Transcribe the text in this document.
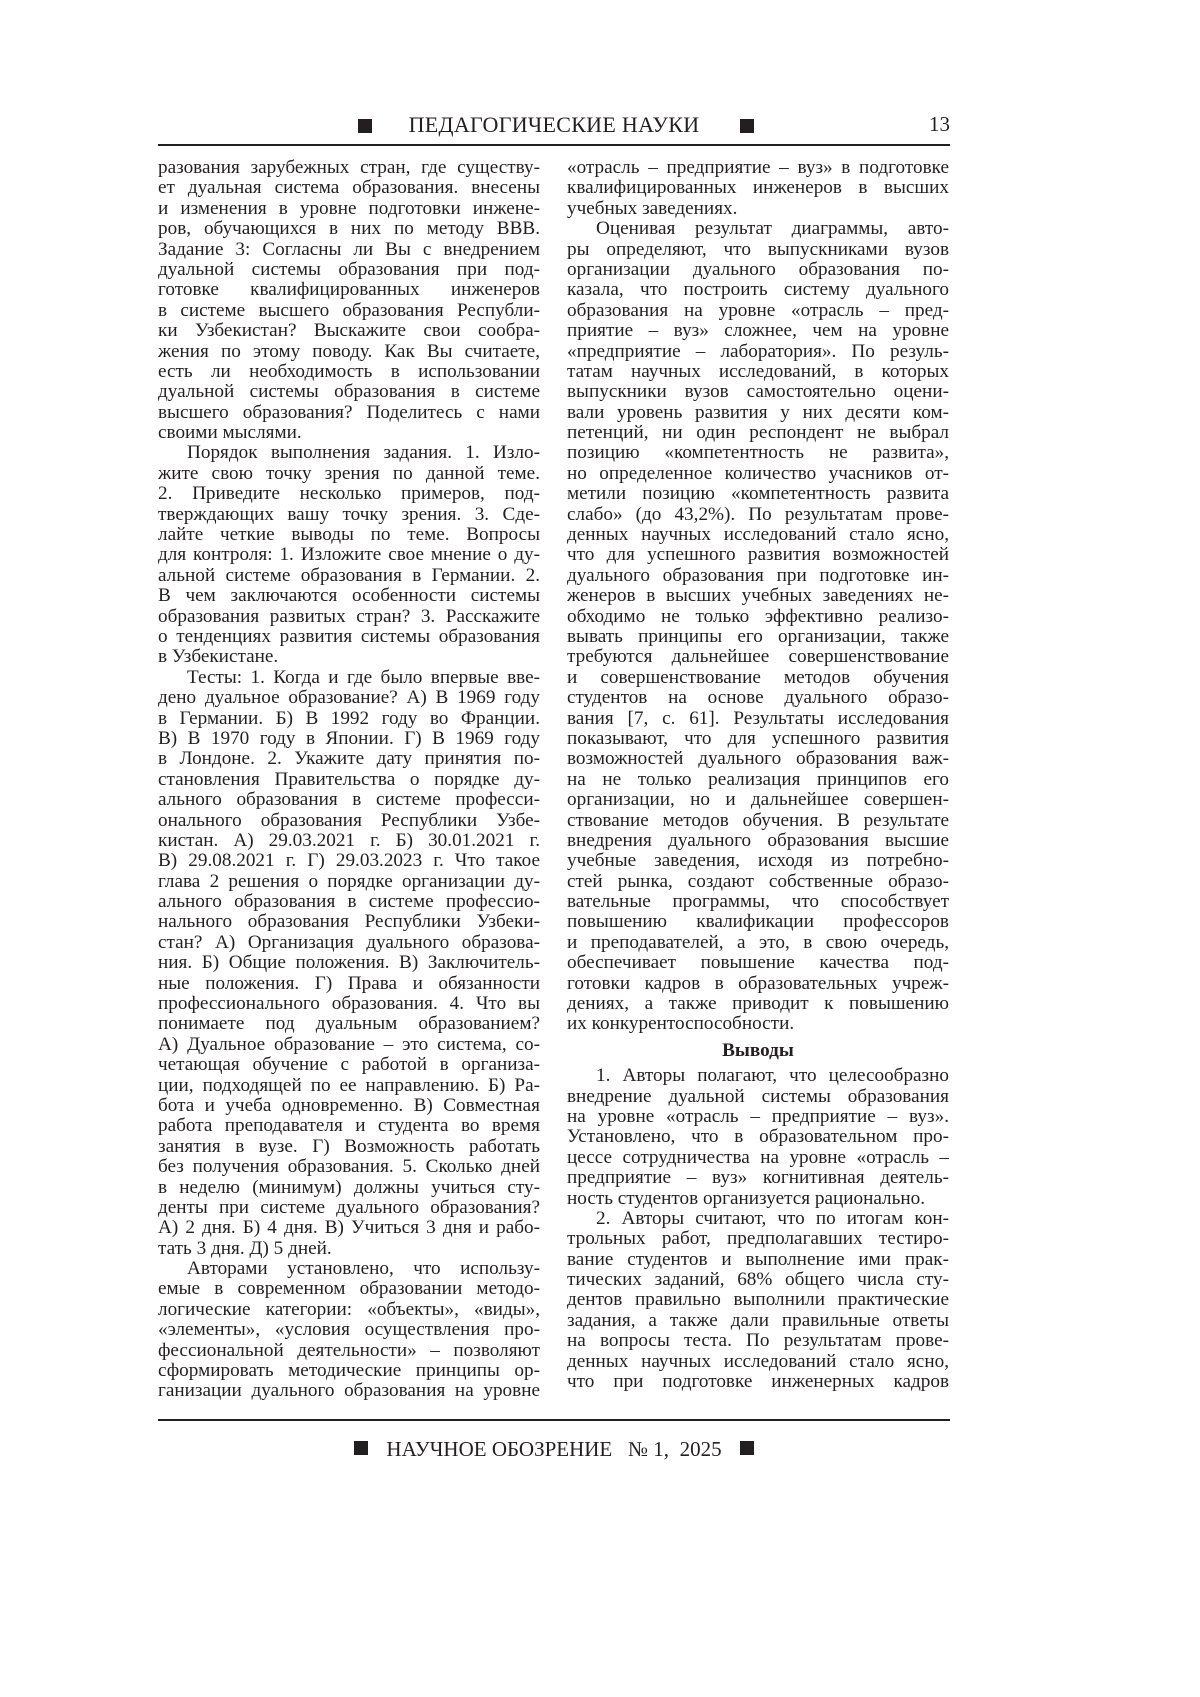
ПЕДАГОГИЧЕСКИЕ НАУКИ	13
разования зарубежных стран, где существу-
ет дуальная система образования. внесены
и изменения в уровне подготовки инжене-
ров, обучающихся в них по методу ВВВ.
Задание 3: Согласны ли Вы с внедрением
дуальной системы образования при под-
готовке квалифицированных инженеров
в системе высшего образования Республи-
ки Узбекистан? Выскажите свои сообра-
жения по этому поводу. Как Вы считаете,
есть ли необходимость в использовании
дуальной системы образования в системе
высшего образования? Поделитесь с нами
своими мыслями.
Порядок выполнения задания. 1. Изло-
жите свою точку зрения по данной теме.
2. Приведите несколько примеров, под-
тверждающих вашу точку зрения. 3. Сде-
лайте четкие выводы по теме. Вопросы
для контроля: 1. Изложите свое мнение о ду-
альной системе образования в Германии. 2.
В чем заключаются особенности системы
образования развитых стран? 3. Расскажите
о тенденциях развития системы образования
в Узбекистане.
Тесты: 1. Когда и где было впервые вве-
дено дуальное образование? А) В 1969 году
в Германии. Б) В 1992 году во Франции.
В) В 1970 году в Японии. Г) В 1969 году
в Лондоне. 2. Укажите дату принятия по-
становления Правительства о порядке ду-
ального образования в системе професси-
онального образования Республики Узбе-
кистан. А) 29.03.2021 г. Б) 30.01.2021 г.
В) 29.08.2021 г. Г) 29.03.2023 г. Что такое
глава 2 решения о порядке организации ду-
ального образования в системе профессио-
нального образования Республики Узбеки-
стан? А) Организация дуального образова-
ния. Б) Общие положения. В) Заключитель-
ные положения. Г) Права и обязанности
профессионального образования. 4. Что вы
понимаете под дуальным образованием?
А) Дуальное образование – это система, со-
четающая обучение с работой в организа-
ции, подходящей по ее направлению. Б) Ра-
бота и учеба одновременно. В) Совместная
работа преподавателя и студента во время
занятия в вузе. Г) Возможность работать
без получения образования. 5. Сколько дней
в неделю (минимум) должны учиться сту-
денты при системе дуального образования?
А) 2 дня. Б) 4 дня. В) Учиться 3 дня и рабо-
тать 3 дня. Д) 5 дней.
Авторами установлено, что использу-
емые в современном образовании методо-
логические категории: «объекты», «виды»,
«элементы», «условия осуществления про-
фессиональной деятельности» – позволяют
сформировать методические принципы ор-
ганизации дуального образования на уровне
«отрасль – предприятие – вуз» в подготовке
квалифицированных инженеров в высших
учебных заведениях.
Оценивая результат диаграммы, авто-
ры определяют, что выпускниками вузов
организации дуального образования по-
казала, что построить систему дуального
образования на уровне «отрасль – пред-
приятие – вуз» сложнее, чем на уровне
«предприятие – лаборатория». По резуль-
татам научных исследований, в которых
выпускники вузов самостоятельно оцени-
вали уровень развития у них десяти ком-
петенций, ни один респондент не выбрал
позицию «компетентность не развита»,
но определенное количество учасников от-
метили позицию «компетентность развита
слабо» (до 43,2%). По результатам прове-
денных научных исследований стало ясно,
что для успешного развития возможностей
дуального образования при подготовке ин-
женеров в высших учебных заведениях не-
обходимо не только эффективно реализо-
вывать принципы его организации, также
требуются дальнейшее совершенствование
и совершенствование методов обучения
студентов на основе дуального образо-
вания [7, с. 61]. Результаты исследования
показывают, что для успешного развития
возможностей дуального образования важ-
на не только реализация принципов его
организации, но и дальнейшее совершен-
ствование методов обучения. В результате
внедрения дуального образования высшие
учебные заведения, исходя из потребно-
стей рынка, создают собственные образо-
вательные программы, что способствует
повышению квалификации профессоров
и преподавателей, а это, в свою очередь,
обеспечивает повышение качества под-
готовки кадров в образовательных учреж-
дениях, а также приводит к повышению
их конкурентоспособности.
Выводы
1. Авторы полагают, что целесообразно
внедрение дуальной системы образования
на уровне «отрасль – предприятие – вуз».
Установлено, что в образовательном про-
цессе сотрудничества на уровне «отрасль –
предприятие – вуз» когнитивная деятель-
ность студентов организуется рационально.
2. Авторы считают, что по итогам кон-
трольных работ, предполагавших тестиро-
вание студентов и выполнение ими прак-
тических заданий, 68% общего числа сту-
дентов правильно выполнили практические
задания, а также дали правильные ответы
на вопросы теста. По результатам прове-
денных научных исследований стало ясно,
что при подготовке инженерных кадров
НАУЧНОЕ ОБОЗРЕНИЕ № 1, 2025
